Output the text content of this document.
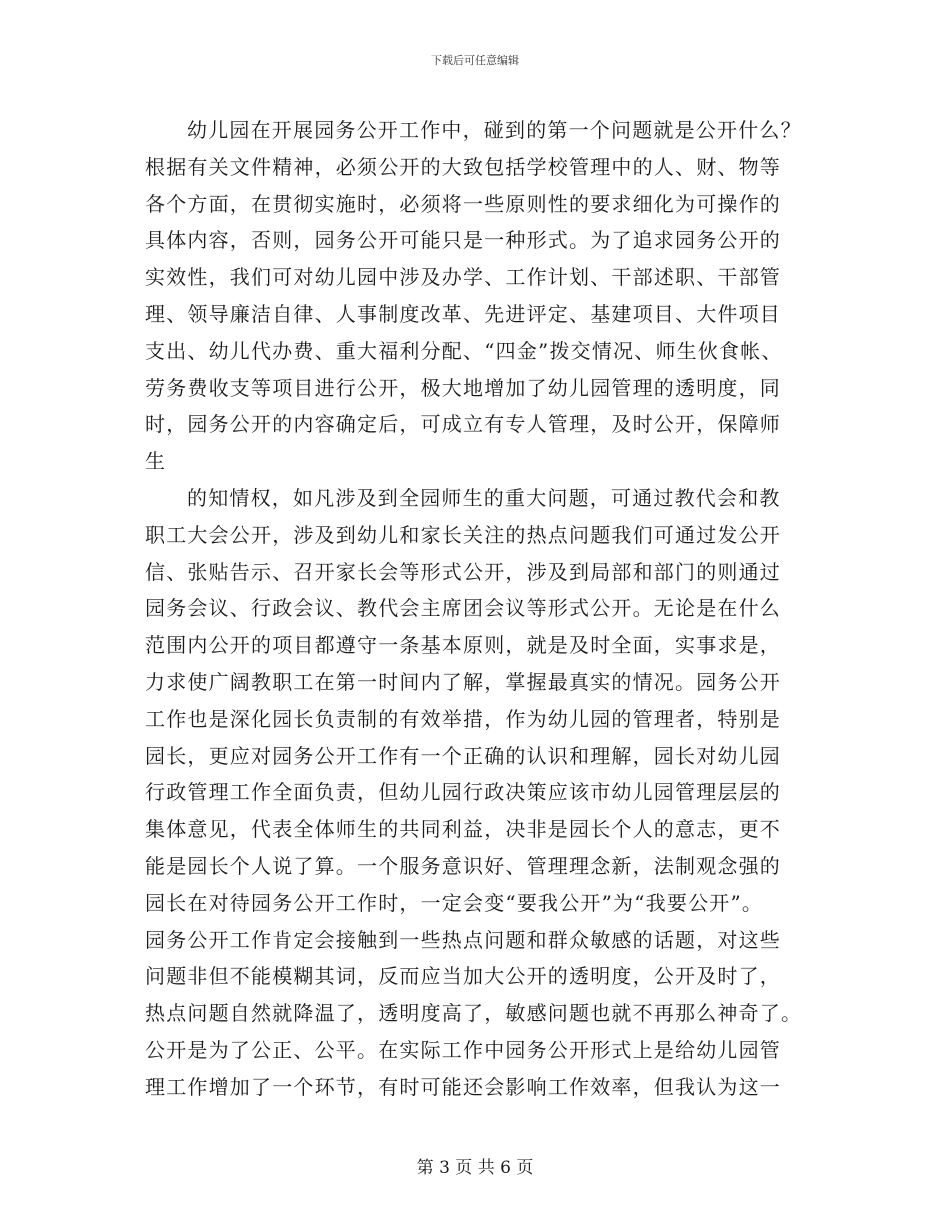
下载后可任意编辑
幼儿园在开展园务公开工作中，碰到的第一个问题就是公开什么？
根据有关文件精神，必须公开的大致包括学校管理中的人、财、物等
各个方面，在贯彻实施时，必须将一些原则性的要求细化为可操作的
具体内容，否则，园务公开可能只是一种形式。为了追求园务公开的
实效性，我们可对幼儿园中涉及办学、工作计划、干部述职、干部管
理、领导廉洁自律、人事制度改革、先进评定、基建项目、大件项目
支出、幼儿代办费、重大福利分配、“四金”拨交情况、师生伙食帐、
劳务费收支等项目进行公开，极大地增加了幼儿园管理的透明度，同
时，园务公开的内容确定后，可成立有专人管理，及时公开，保障师
生
的知情权，如凡涉及到全园师生的重大问题，可通过教代会和教
职工大会公开，涉及到幼儿和家长关注的热点问题我们可通过发公开
信、张贴告示、召开家长会等形式公开，涉及到局部和部门的则通过
园务会议、行政会议、教代会主席团会议等形式公开。无论是在什么
范围内公开的项目都遵守一条基本原则，就是及时全面，实事求是，
力求使广阔教职工在第一时间内了解，掌握最真实的情况。园务公开
工作也是深化园长负责制的有效举措，作为幼儿园的管理者，特别是
园长，更应对园务公开工作有一个正确的认识和理解，园长对幼儿园
行政管理工作全面负责，但幼儿园行政决策应该市幼儿园管理层层的
集体意见，代表全体师生的共同利益，决非是园长个人的意志，更不
能是园长个人说了算。一个服务意识好、管理理念新，法制观念强的
园长在对待园务公开工作时，一定会变“要我公开”为“我要公开”。
园务公开工作肯定会接触到一些热点问题和群众敏感的话题，对这些
问题非但不能模糊其词，反而应当加大公开的透明度，公开及时了，
热点问题自然就降温了，透明度高了，敏感问题也就不再那么神奇了。
公开是为了公正、公平。在实际工作中园务公开形式上是给幼儿园管
理工作增加了一个环节，有时可能还会影响工作效率，但我认为这一
第 3 页 共 6 页
